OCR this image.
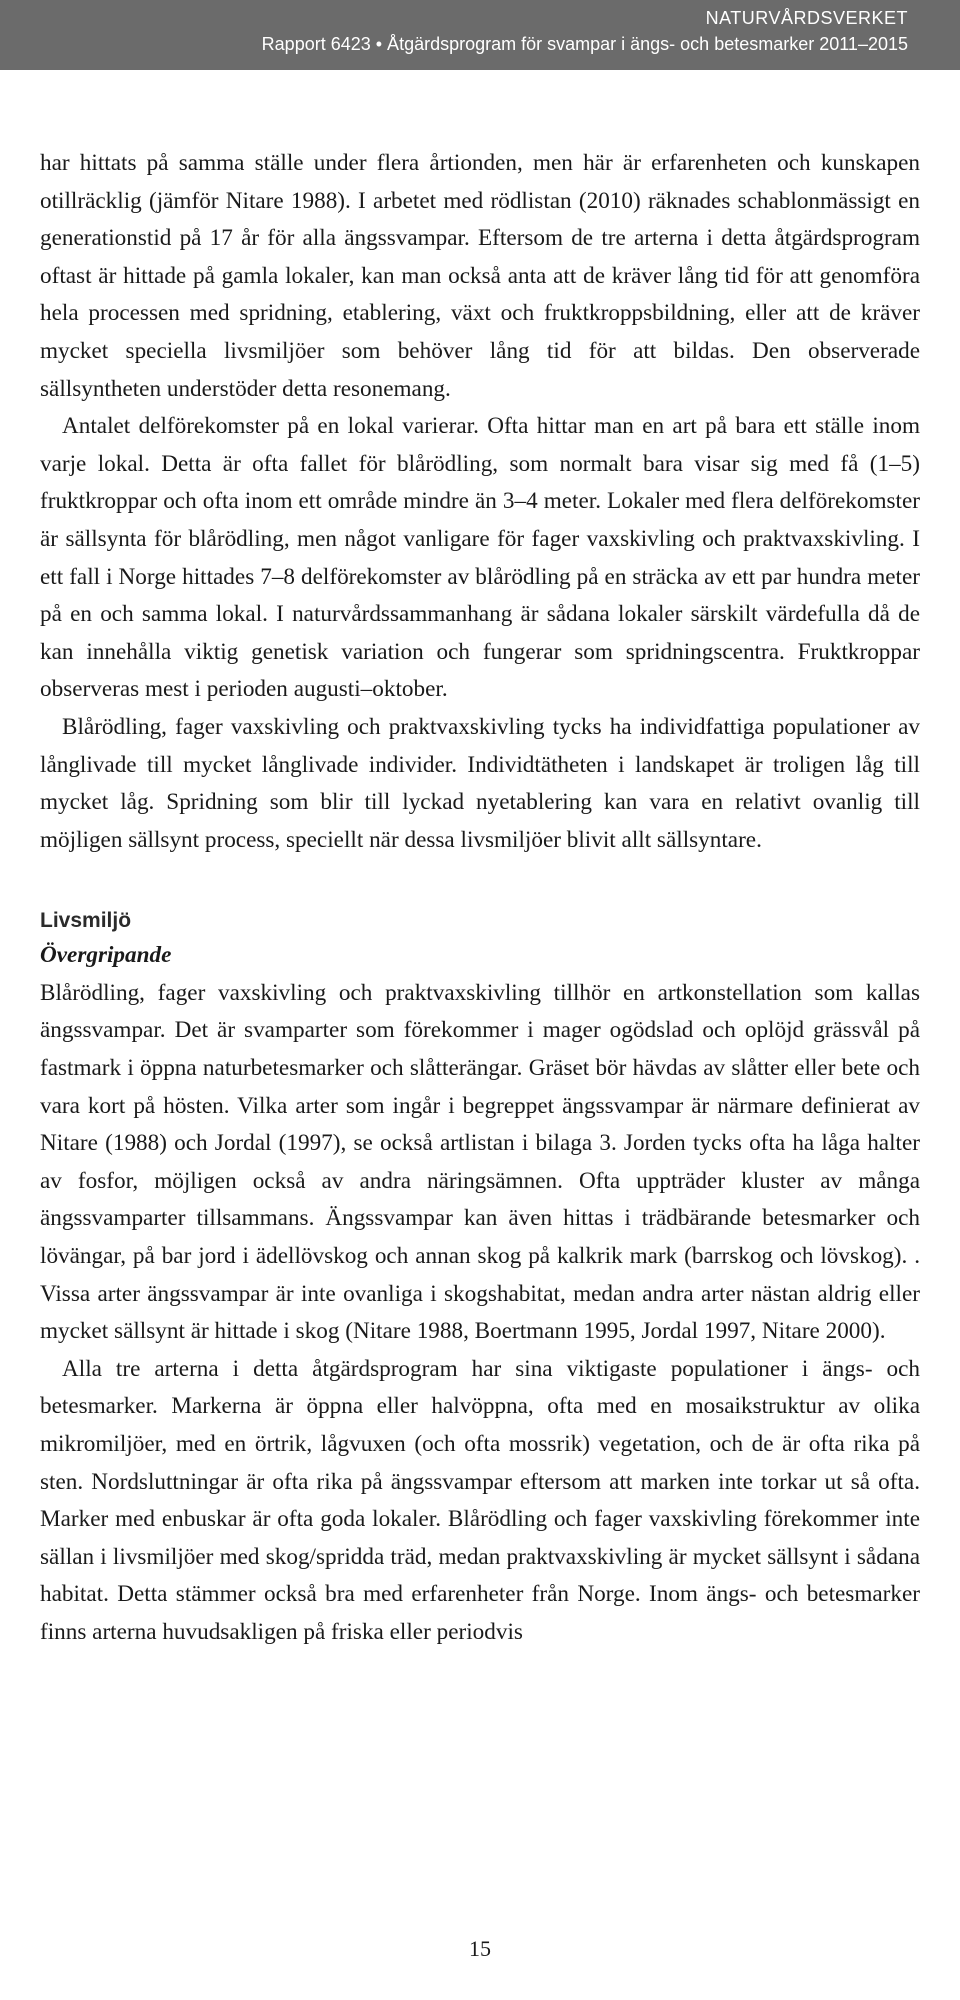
NATURVÅRDSVERKET
Rapport 6423 • Åtgärdsprogram för svampar i ängs- och betesmarker 2011–2015

har hittats på samma ställe under flera årtionden, men här är erfarenheten och kunskapen otillräcklig (jämför Nitare 1988). I arbetet med rödlistan (2010) räknades schablonmässigt en generationstid på 17 år för alla ängssvampar. Eftersom de tre arterna i detta åtgärdsprogram oftast är hittade på gamla lokaler, kan man också anta att de kräver lång tid för att genomföra hela processen med spridning, etablering, växt och fruktkroppsbildning, eller att de kräver mycket speciella livsmiljöer som behöver lång tid för att bildas. Den observerade sällsyntheten understöder detta resonemang.

Antalet delförekomster på en lokal varierar. Ofta hittar man en art på bara ett ställe inom varje lokal. Detta är ofta fallet för blårödling, som normalt bara visar sig med få (1–5) fruktkroppar och ofta inom ett område mindre än 3–4 meter. Lokaler med flera delförekomster är sällsynta för blårödling, men något vanligare för fager vaxskivling och praktvaxskivling. I ett fall i Norge hittades 7–8 delförekomster av blårödling på en sträcka av ett par hundra meter på en och samma lokal. I naturvårdssammanhang är sådana lokaler särskilt värdefulla då de kan innehålla viktig genetisk variation och fungerar som spridningscentra. Fruktkroppar observeras mest i perioden augusti–oktober.

Blårödling, fager vaxskivling och praktvaxskivling tycks ha individfattiga populationer av långlivade till mycket långlivade individer. Individtätheten i landskapet är troligen låg till mycket låg. Spridning som blir till lyckad nyetablering kan vara en relativt ovanlig till möjligen sällsynt process, speciellt när dessa livsmiljöer blivit allt sällsyntare.

Livsmiljö
Övergripande

Blårödling, fager vaxskivling och praktvaxskivling tillhör en artkonstellation som kallas ängssvampar. Det är svamparter som förekommer i mager ogödslad och oplöjd grässvål på fastmark i öppna naturbetesmarker och slåtterängar. Gräset bör hävdas av slåtter eller bete och vara kort på hösten. Vilka arter som ingår i begreppet ängssvampar är närmare definierat av Nitare (1988) och Jordal (1997), se också artlistan i bilaga 3. Jorden tycks ofta ha låga halter av fosfor, möjligen också av andra näringsämnen. Ofta uppträder kluster av många ängssvamparter tillsammans. Ängssvampar kan även hittas i trädbärande betesmarker och lövängar, på bar jord i ädellövskog och annan skog på kalkrik mark (barrskog och lövskog). . Vissa arter ängssvampar är inte ovanliga i skogshabitat, medan andra arter nästan aldrig eller mycket sällsynt är hittade i skog (Nitare 1988, Boertmann 1995, Jordal 1997, Nitare 2000).

Alla tre arterna i detta åtgärdsprogram har sina viktigaste populationer i ängs- och betesmarker. Markerna är öppna eller halvöppna, ofta med en mosaikstruktur av olika mikromiljöer, med en örtrik, lågvuxen (och ofta mossrik) vegetation, och de är ofta rika på sten. Nordsluttningar är ofta rika på ängssvampar eftersom att marken inte torkar ut så ofta. Marker med enbuskar är ofta goda lokaler. Blårödling och fager vaxskivling förekommer inte sällan i livsmiljöer med skog/spridda träd, medan praktvaxskivling är mycket sällsynt i sådana habitat. Detta stämmer också bra med erfarenheter från Norge. Inom ängs- och betesmarker finns arterna huvudsakligen på friska eller periodvis

15
